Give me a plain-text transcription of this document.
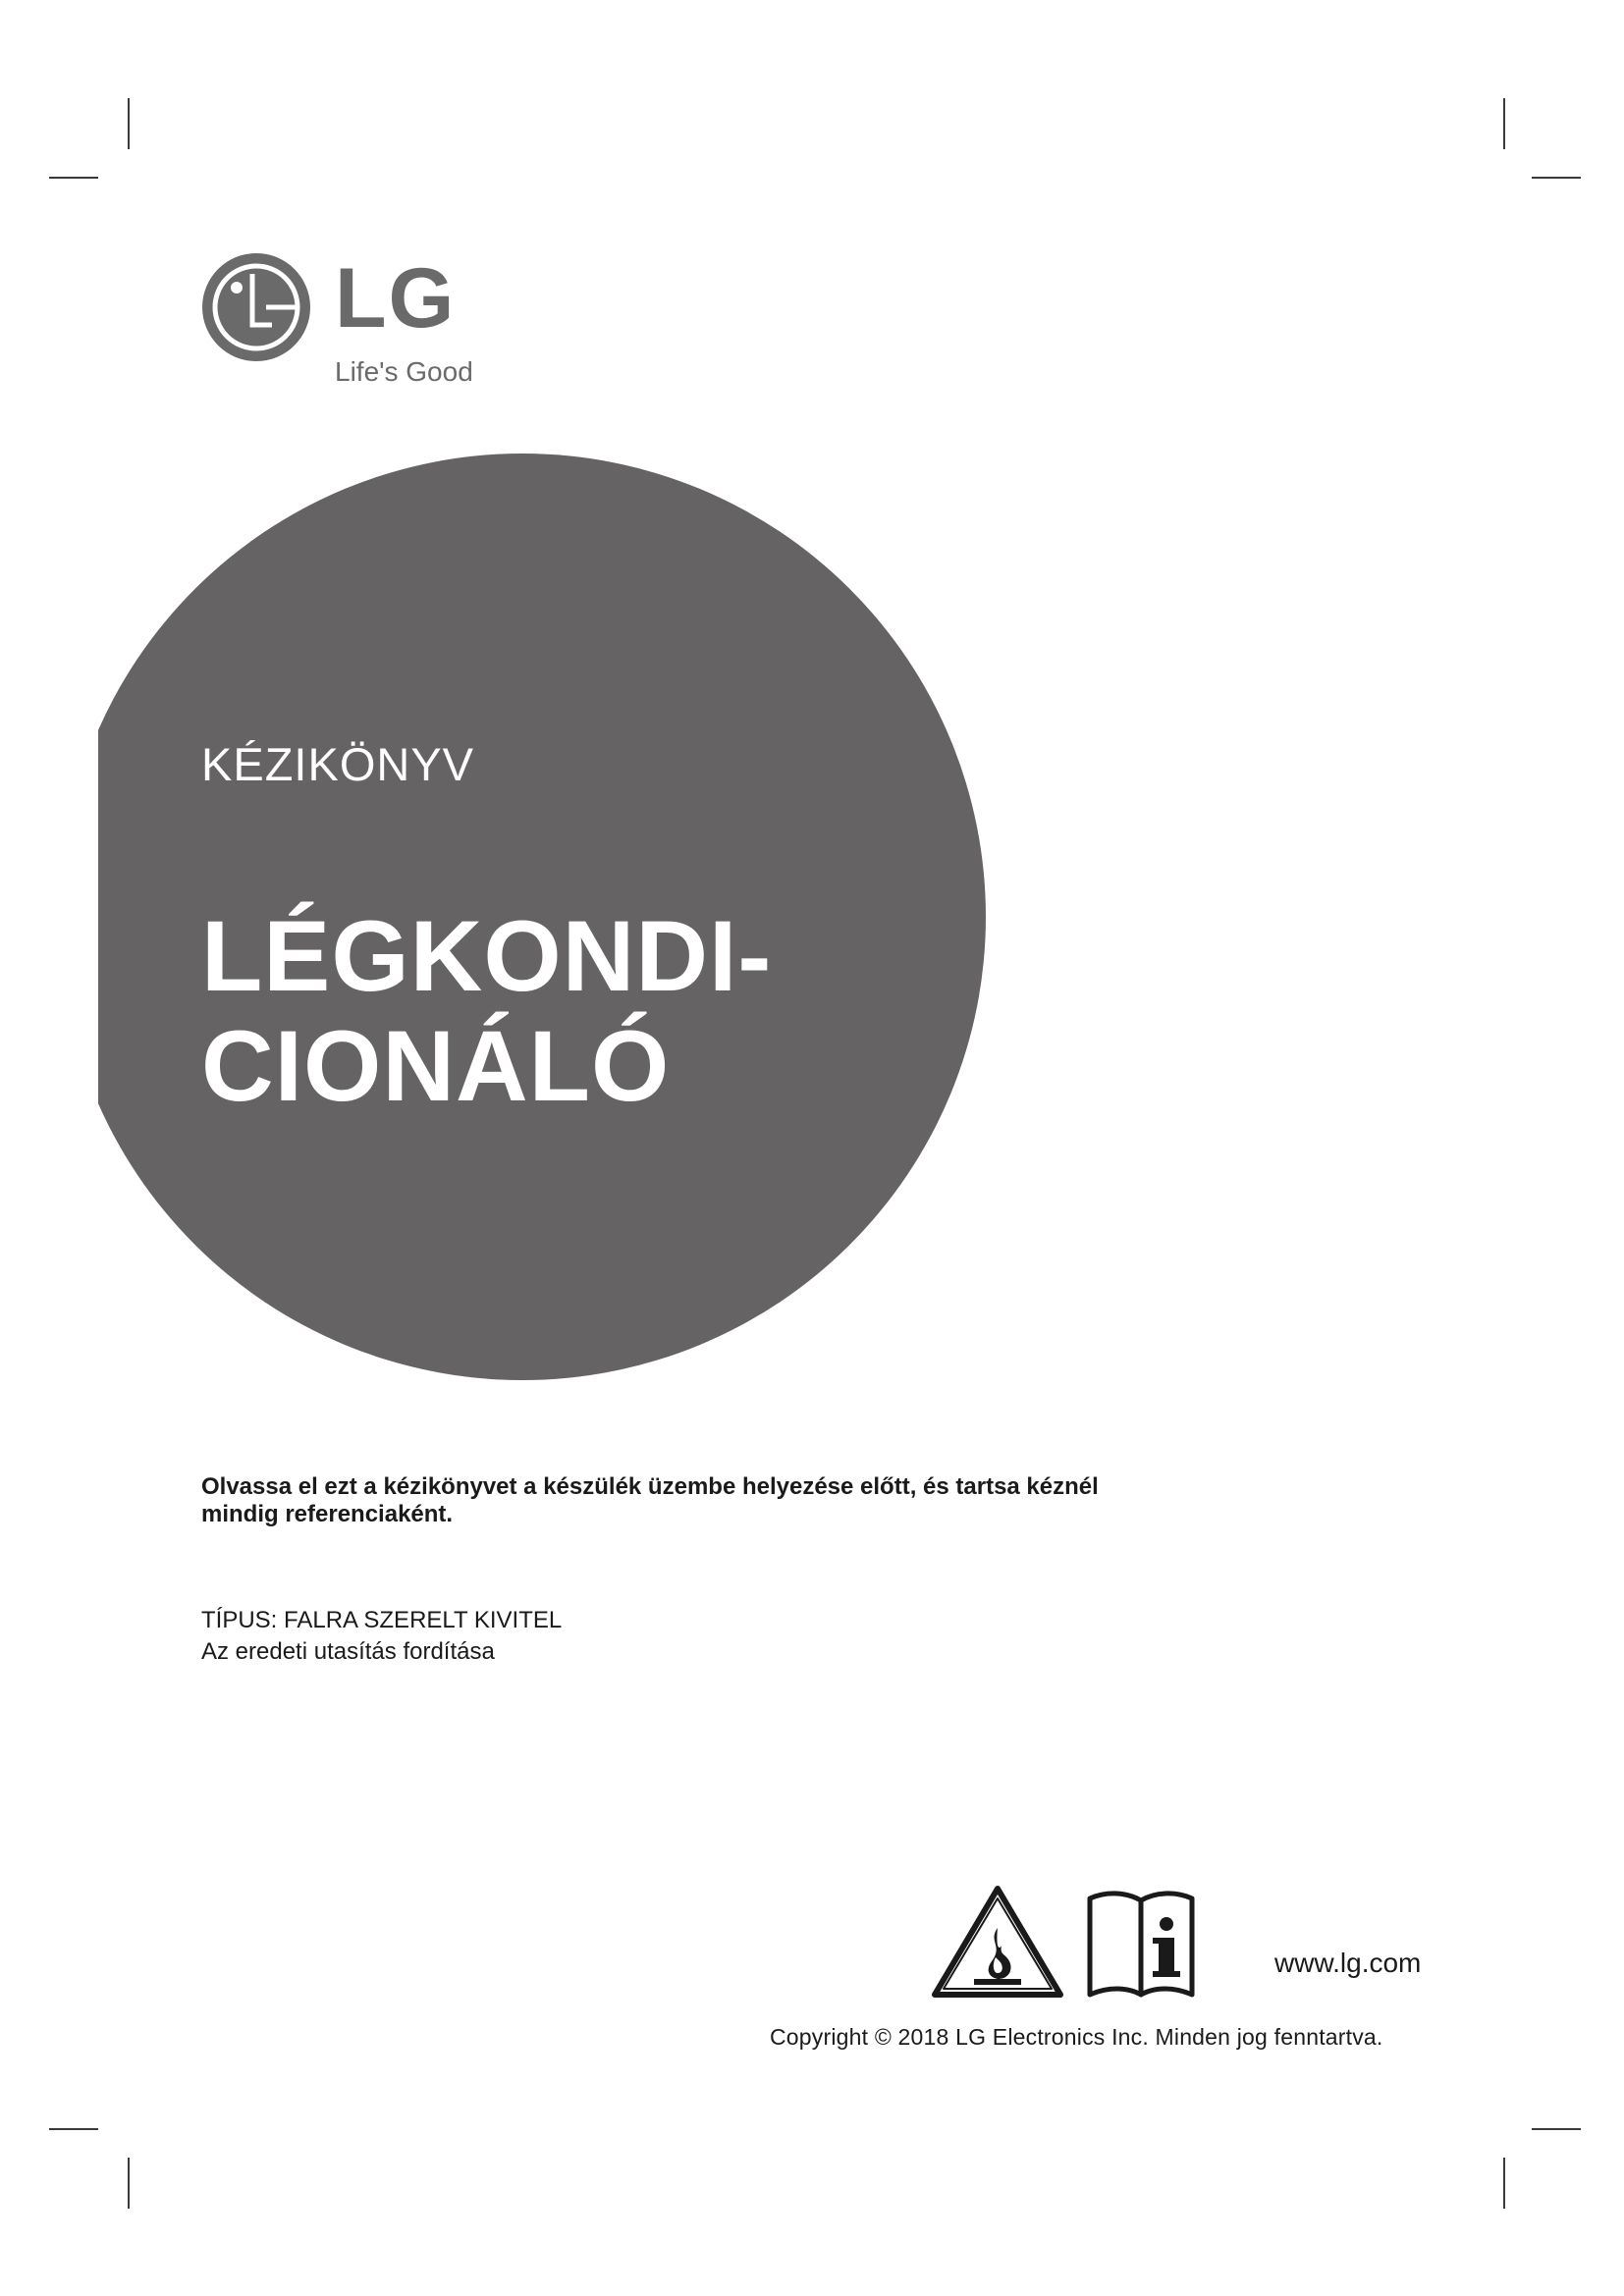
LG
Life's Good
KÉZIKÖNYV
LÉGKONDI-
CIONÁLÓ
Olvassa el ezt a kézikönyvet a készülék üzembe helyezése előtt, és tartsa kéznél
mindig referenciaként.
TÍPUS: FALRA SZERELT KIVITEL
Az eredeti utasítás fordítása
www.lg.com
Copyright © 2018 LG Electronics Inc. Minden jog fenntartva.
